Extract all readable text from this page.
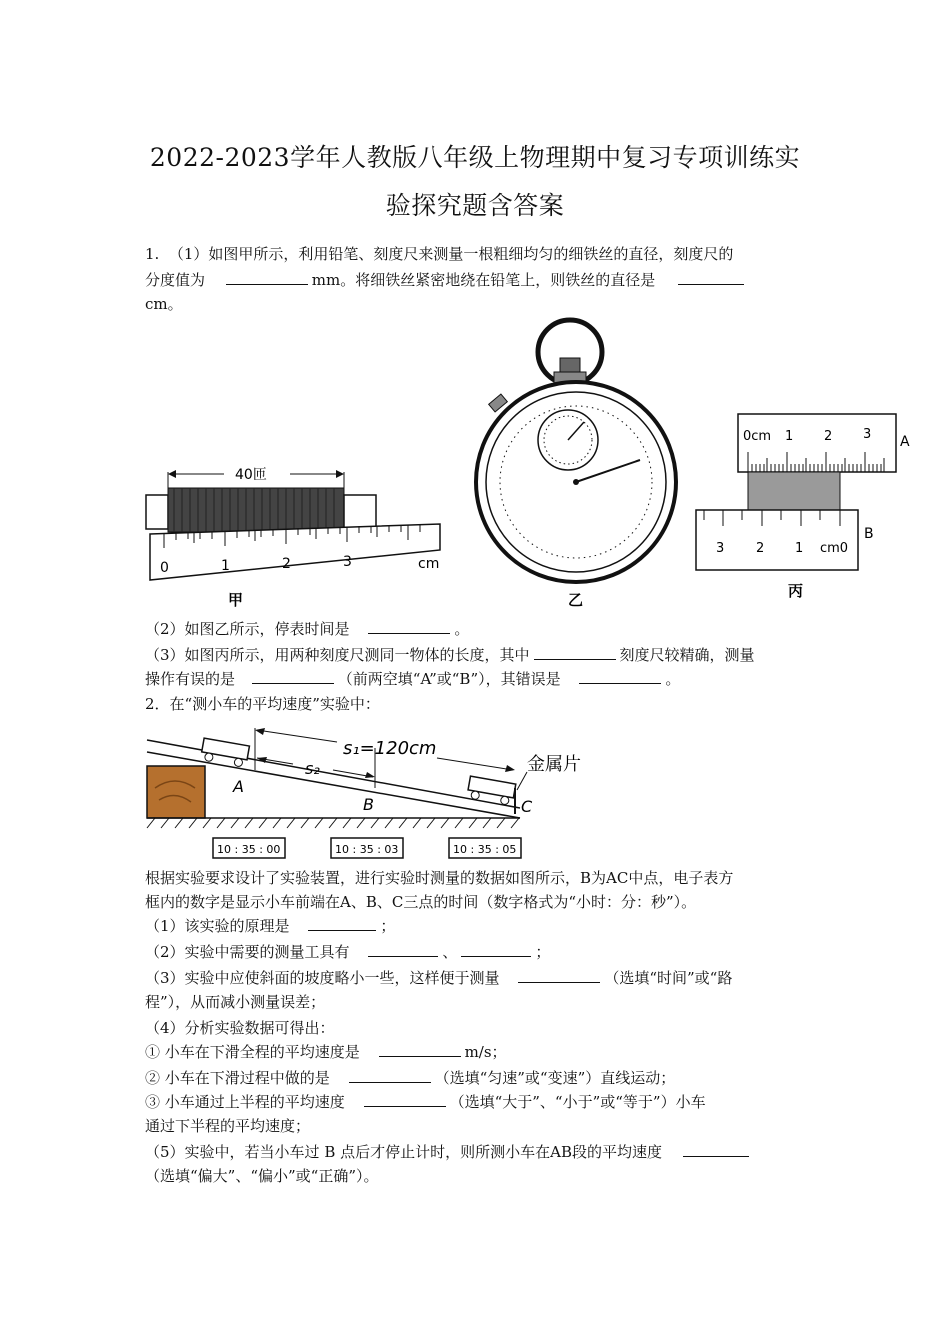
2022-2023学年人教版八年级上物理期中复习专项训练实
验探究题含答案
1.  （1）如图甲所示，利用铅笔、刻度尺来测量一根粗细均匀的细铁丝的直径，刻度尺的
分度值为	mm。将细铁丝紧密地绕在铅笔上，则铁丝的直径是
cm。
40匝
0	1	2	3	cm
甲	乙
0cm 1 2 3 A
3 2 1 cm0
B
丙
（2）如图乙所示，停表时间是	。
（3）如图丙所示，用两种刻度尺测同一物体的长度，其中	刻度尺较精确，测量
操作有误的是	（前两空填“A”或“B”），其错误是	。
2．在“测小车的平均速度”实验中：
s₁=120cm
s₂
A
B	C
金属片
10 : 35 : 00	10 : 35 : 03	10 : 35 : 05
根据实验要求设计了实验装置，进行实验时测量的数据如图所示，B为AC中点，电子表方
框内的数字是显示小车前端在A、B、C三点的时间（数字格式为“小时：分：秒”）。
（1）该实验的原理是	；
（2）实验中需要的测量工具有	、	；
（3）实验中应使斜面的坡度略小一些，这样便于测量	（选填“时间”或“路
程”），从而减小测量误差；
（4）分析实验数据可得出：
① 小车在下滑全程的平均速度是	m/s；
② 小车在下滑过程中做的是	（选填“匀速”或“变速”）直线运动；
③ 小车通过上半程的平均速度	（选填“大于”、“小于”或“等于”）小车
通过下半程的平均速度；
（5）实验中，若当小车过 B 点后才停止计时，则所测小车在AB段的平均速度
（选填“偏大”、“偏小”或“正确”）。
